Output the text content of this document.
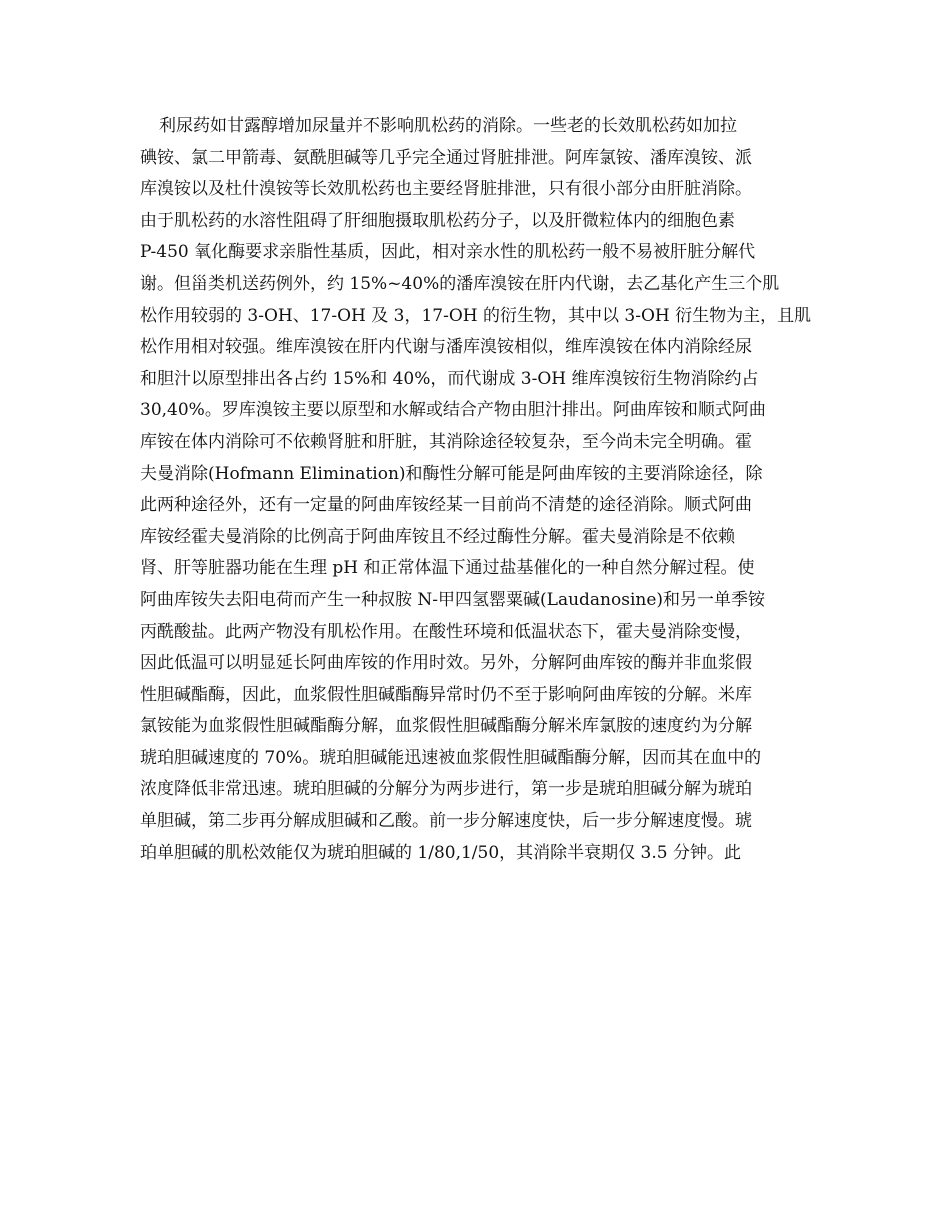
　利尿药如甘露醇增加尿量并不影响肌松药的消除。一些老的长效肌松药如加拉
碘铵、氯二甲箭毒、氨酰胆碱等几乎完全通过肾脏排泄。阿库氯铵、潘库溴铵、派
库溴铵以及杜什溴铵等长效肌松药也主要经肾脏排泄，只有很小部分由肝脏消除。
由于肌松药的水溶性阻碍了肝细胞摄取肌松药分子，以及肝微粒体内的细胞色素
P-450 氧化酶要求亲脂性基质，因此，相对亲水性的肌松药一般不易被肝脏分解代
谢。但甾类机送药例外，约 15%~40%的潘库溴铵在肝内代谢，去乙基化产生三个肌
松作用较弱的 3-OH、17-OH 及 3，17-OH 的衍生物，其中以 3-OH 衍生物为主，且肌
松作用相对较强。维库溴铵在肝内代谢与潘库溴铵相似，维库溴铵在体内消除经尿
和胆汁以原型排出各占约 15%和 40%，而代谢成 3-OH 维库溴铵衍生物消除约占
30,40%。罗库溴铵主要以原型和水解或结合产物由胆汁排出。阿曲库铵和顺式阿曲
库铵在体内消除可不依赖肾脏和肝脏，其消除途径较复杂，至今尚未完全明确。霍
夫曼消除(Hofmann Elimination)和酶性分解可能是阿曲库铵的主要消除途径，除
此两种途径外，还有一定量的阿曲库铵经某一目前尚不清楚的途径消除。顺式阿曲
库铵经霍夫曼消除的比例高于阿曲库铵且不经过酶性分解。霍夫曼消除是不依赖
肾、肝等脏器功能在生理 pH 和正常体温下通过盐基催化的一种自然分解过程。使
阿曲库铵失去阳电荷而产生一种叔胺 N-甲四氢罂粟碱(Laudanosine)和另一单季铵
丙酰酸盐。此两产物没有肌松作用。在酸性环境和低温状态下，霍夫曼消除变慢，
因此低温可以明显延长阿曲库铵的作用时效。另外，分解阿曲库铵的酶并非血浆假
性胆碱酯酶，因此，血浆假性胆碱酯酶异常时仍不至于影响阿曲库铵的分解。米库
氯铵能为血浆假性胆碱酯酶分解，血浆假性胆碱酯酶分解米库氯胺的速度约为分解
琥珀胆碱速度的 70%。琥珀胆碱能迅速被血浆假性胆碱酯酶分解，因而其在血中的
浓度降低非常迅速。琥珀胆碱的分解分为两步进行，第一步是琥珀胆碱分解为琥珀
单胆碱，第二步再分解成胆碱和乙酸。前一步分解速度快，后一步分解速度慢。琥
珀单胆碱的肌松效能仅为琥珀胆碱的 1/80,1/50，其消除半衰期仅 3.5 分钟。此
